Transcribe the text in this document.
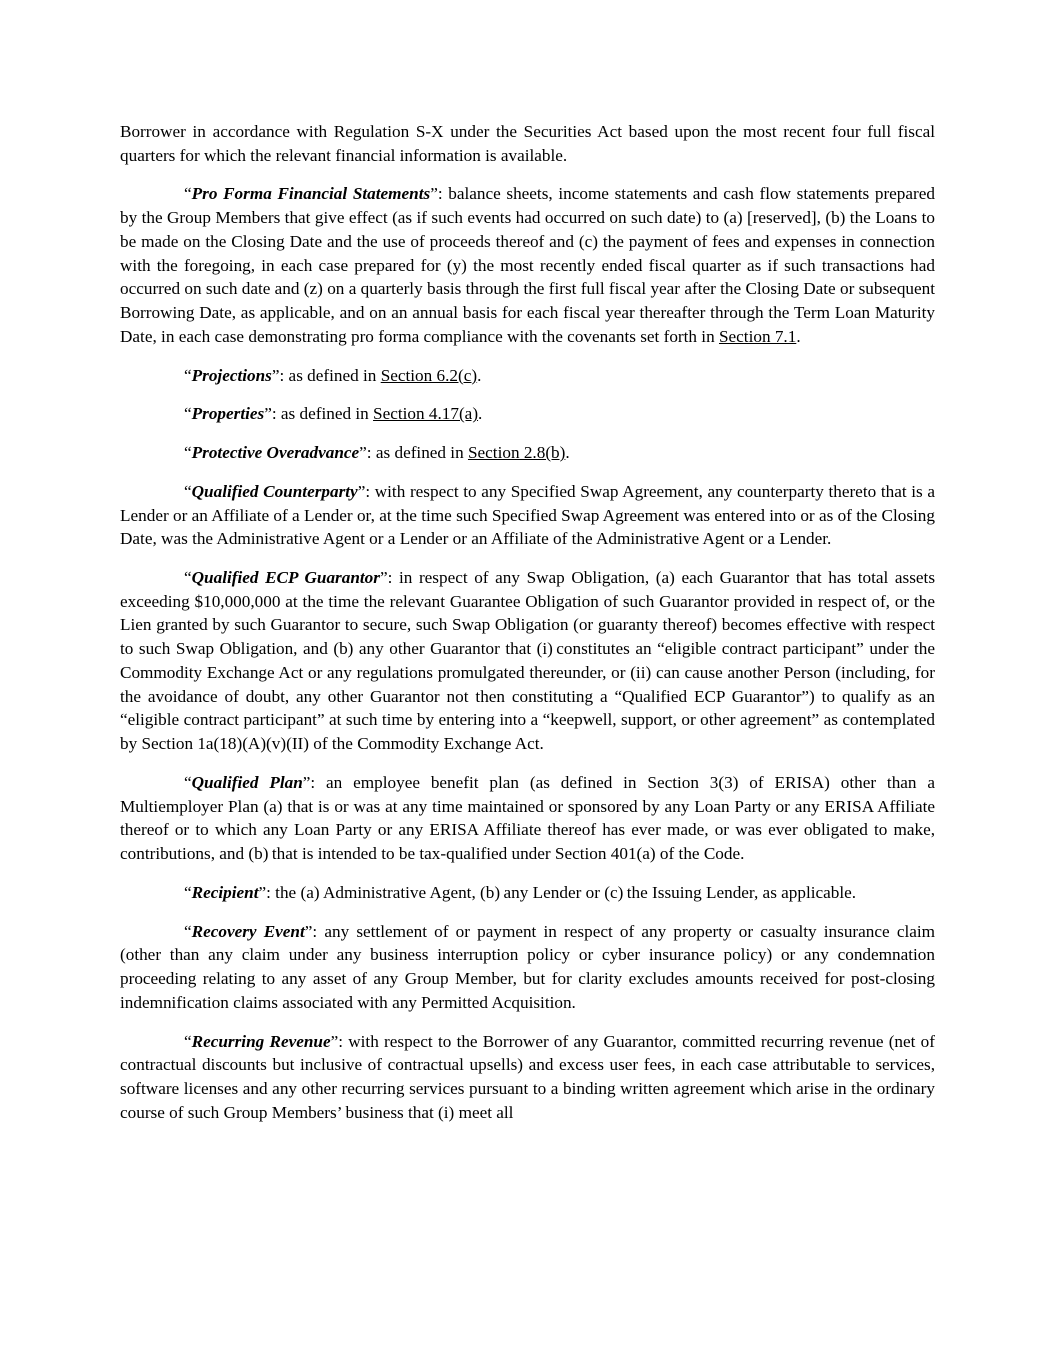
Borrower in accordance with Regulation S-X under the Securities Act based upon the most recent four full fiscal quarters for which the relevant financial information is available.

“Pro Forma Financial Statements”: balance sheets, income statements and cash flow statements prepared by the Group Members that give effect (as if such events had occurred on such date) to (a) [reserved], (b) the Loans to be made on the Closing Date and the use of proceeds thereof and (c) the payment of fees and expenses in connection with the foregoing, in each case prepared for (y) the most recently ended fiscal quarter as if such transactions had occurred on such date and (z) on a quarterly basis through the first full fiscal year after the Closing Date or subsequent Borrowing Date, as applicable, and on an annual basis for each fiscal year thereafter through the Term Loan Maturity Date, in each case demonstrating pro forma compliance with the covenants set forth in Section 7.1.

“Projections”: as defined in Section 6.2(c).

“Properties”: as defined in Section 4.17(a).

“Protective Overadvance”: as defined in Section 2.8(b).

“Qualified Counterparty”: with respect to any Specified Swap Agreement, any counterparty thereto that is a Lender or an Affiliate of a Lender or, at the time such Specified Swap Agreement was entered into or as of the Closing Date, was the Administrative Agent or a Lender or an Affiliate of the Administrative Agent or a Lender.

“Qualified ECP Guarantor”: in respect of any Swap Obligation, (a) each Guarantor that has total assets exceeding $10,000,000 at the time the relevant Guarantee Obligation of such Guarantor provided in respect of, or the Lien granted by such Guarantor to secure, such Swap Obligation (or guaranty thereof) becomes effective with respect to such Swap Obligation, and (b) any other Guarantor that (i) constitutes an “eligible contract participant” under the Commodity Exchange Act or any regulations promulgated thereunder, or (ii) can cause another Person (including, for the avoidance of doubt, any other Guarantor not then constituting a “Qualified ECP Guarantor”) to qualify as an “eligible contract participant” at such time by entering into a “keepwell, support, or other agreement” as contemplated by Section 1a(18)(A)(v)(II) of the Commodity Exchange Act.

“Qualified Plan”: an employee benefit plan (as defined in Section 3(3) of ERISA) other than a Multiemployer Plan (a) that is or was at any time maintained or sponsored by any Loan Party or any ERISA Affiliate thereof or to which any Loan Party or any ERISA Affiliate thereof has ever made, or was ever obligated to make, contributions, and (b) that is intended to be tax-qualified under Section 401(a) of the Code.

“Recipient”: the (a) Administrative Agent, (b) any Lender or (c) the Issuing Lender, as applicable.

“Recovery Event”: any settlement of or payment in respect of any property or casualty insurance claim (other than any claim under any business interruption policy or cyber insurance policy) or any condemnation proceeding relating to any asset of any Group Member, but for clarity excludes amounts received for post-closing indemnification claims associated with any Permitted Acquisition.

“Recurring Revenue”: with respect to the Borrower of any Guarantor, committed recurring revenue (net of contractual discounts but inclusive of contractual upsells) and excess user fees, in each case attributable to services, software licenses and any other recurring services pursuant to a binding written agreement which arise in the ordinary course of such Group Members’ business that (i) meet all
